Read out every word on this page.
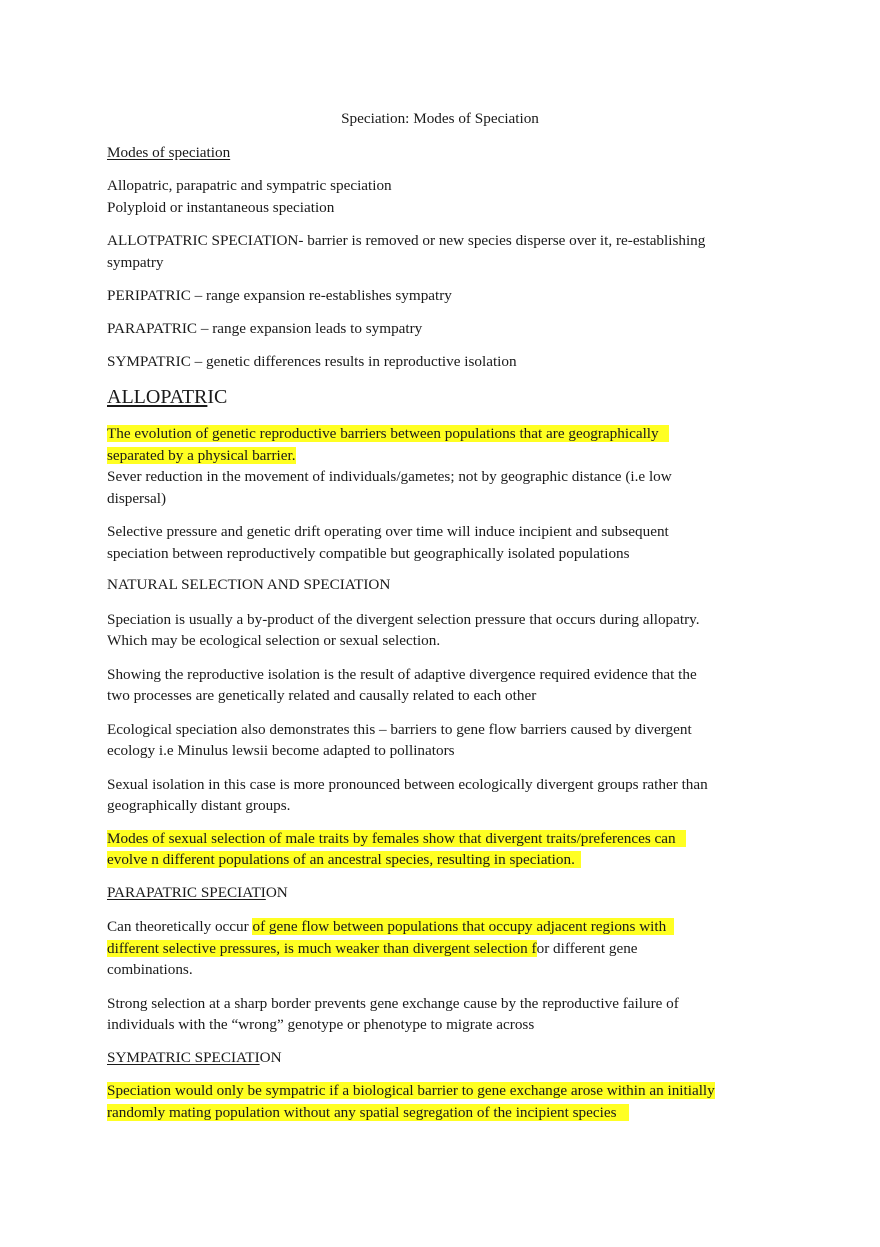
Speciation: Modes of Speciation
Modes of speciation
Allopatric, parapatric and sympatric speciation
Polyploid or instantaneous speciation
ALLOTPATRIC SPECIATION- barrier is removed or new species disperse over it, re-establishing
sympatry
PERIPATRIC – range expansion re-establishes sympatry
PARAPATRIC – range expansion leads to sympatry
SYMPATRIC – genetic differences results in reproductive isolation
ALLOPATRIC
The evolution of genetic reproductive barriers between populations that are geographically
separated by a physical barrier.
Sever reduction in the movement of individuals/gametes; not by geographic distance (i.e low
dispersal)
Selective pressure and genetic drift operating over time will induce incipient and subsequent
speciation between reproductively compatible but geographically isolated populations
NATURAL SELECTION AND SPECIATION
Speciation is usually a by-product of the divergent selection pressure that occurs during allopatry.
Which may be ecological selection or sexual selection.
Showing the reproductive isolation is the result of adaptive divergence required evidence that the
two processes are genetically related and causally related to each other
Ecological speciation also demonstrates this – barriers to gene flow barriers caused by divergent
ecology i.e Minulus lewsii become adapted to pollinators
Sexual isolation in this case is more pronounced between ecologically divergent groups rather than
geographically distant groups.
Modes of sexual selection of male traits by females show that divergent traits/preferences can
evolve n different populations of an ancestral species, resulting in speciation.
PARAPATRIC SPECIATION
Can theoretically occur of gene flow between populations that occupy adjacent regions with
different selective pressures, is much weaker than divergent selection for different gene
combinations.
Strong selection at a sharp border prevents gene exchange cause by the reproductive failure of
individuals with the “wrong” genotype or phenotype to migrate across
SYMPATRIC SPECIATION
Speciation would only be sympatric if a biological barrier to gene exchange arose within an initially
randomly mating population without any spatial segregation of the incipient species
